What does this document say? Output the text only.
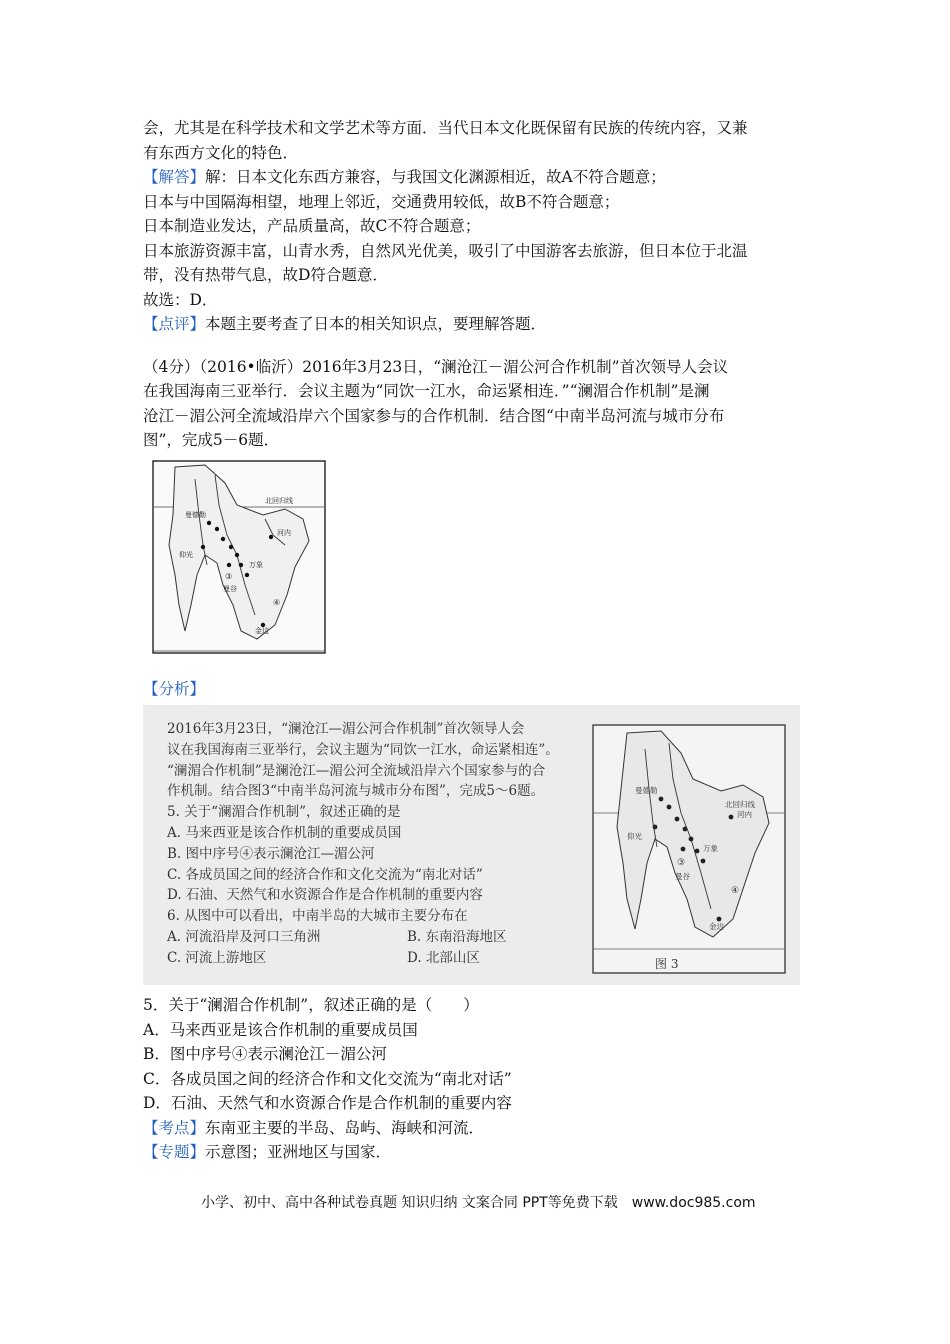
会，尤其是在科学技术和文学艺术等方面．当代日本文化既保留有民族的传统内容，又兼
有东西方文化的特色．
【解答】解：日本文化东西方兼容，与我国文化渊源相近，故A不符合题意；
日本与中国隔海相望，地理上邻近，交通费用较低，故B不符合题意；
日本制造业发达，产品质量高，故C不符合题意；
日本旅游资源丰富，山青水秀，自然风光优美，吸引了中国游客去旅游，但日本位于北温
带，没有热带气息，故D符合题意．
故选：D．
【点评】本题主要考查了日本的相关知识点，要理解答题．
（4分）（2016•临沂）2016年3月23日，“澜沧江－湄公河合作机制”首次领导人会议
在我国海南三亚举行．会议主题为“同饮一江水，命运紧相连．”“澜湄合作机制”是澜
沧江－湄公河全流域沿岸六个国家参与的合作机制．结合图“中南半岛河流与城市分布
图”，完成5－6题．
北回归线
河内
万象
曼谷
曼德勒
仰光
金边
③
④
【分析】
2016年3月23日，“澜沧江—湄公河合作机制”首次领导人会
议在我国海南三亚举行，会议主题为“同饮一江水，命运紧相连”。
“澜湄合作机制”是澜沧江—湄公河全流域沿岸六个国家参与的合
作机制。结合图3“中南半岛河流与城市分布图”，完成5～6题。
5. 关于“澜湄合作机制”，叙述正确的是
A. 马来西亚是该合作机制的重要成员国
B. 图中序号④表示澜沧江—湄公河
C. 各成员国之间的经济合作和文化交流为“南北对话”
D. 石油、天然气和水资源合作是合作机制的重要内容
6. 从图中可以看出，中南半岛的大城市主要分布在
A. 河流沿岸及河口三角洲	B. 东南沿海地区
C. 河流上游地区	D. 北部山区
北回归线
河内
万象
曼谷
曼德勒
仰光
金边
③
④
图 3
5．关于“澜湄合作机制”，叙述正确的是（　　）
A．马来西亚是该合作机制的重要成员国
B．图中序号④表示澜沧江－湄公河
C．各成员国之间的经济合作和文化交流为“南北对话”
D．石油、天然气和水资源合作是合作机制的重要内容
【考点】东南亚主要的半岛、岛屿、海峡和河流．
【专题】示意图；亚洲地区与国家．
小学、初中、高中各种试卷真题 知识归纳 文案合同 PPT等免费下载　www.doc985.com
